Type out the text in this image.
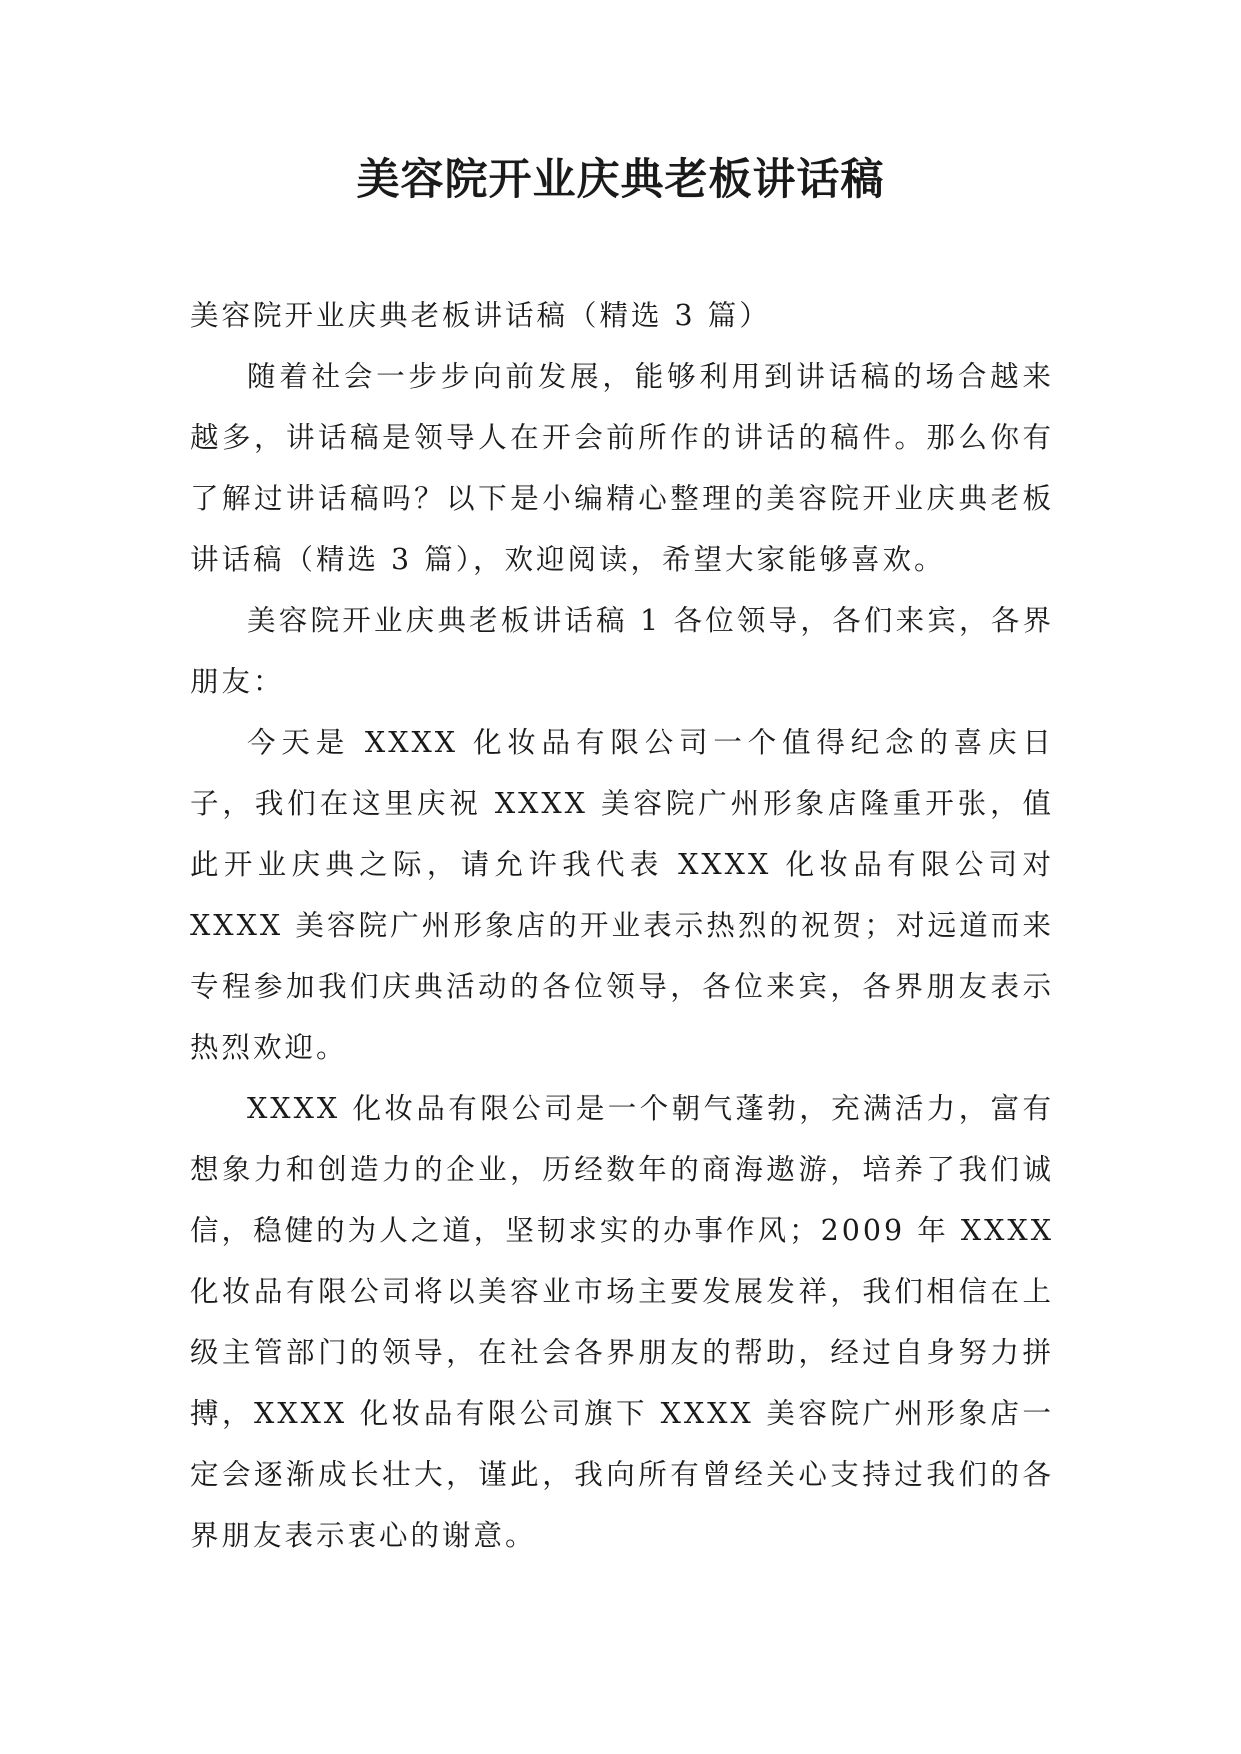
美容院开业庆典老板讲话稿

美容院开业庆典老板讲话稿（精选 3 篇）

随着社会一步步向前发展，能够利用到讲话稿的场合越来越多，讲话稿是领导人在开会前所作的讲话的稿件。那么你有了解过讲话稿吗？以下是小编精心整理的美容院开业庆典老板讲话稿（精选 3 篇），欢迎阅读，希望大家能够喜欢。

美容院开业庆典老板讲话稿 1 各位领导，各们来宾，各界朋友：

今天是 XXXX 化妆品有限公司一个值得纪念的喜庆日子，我们在这里庆祝 XXXX 美容院广州形象店隆重开张，值此开业庆典之际，请允许我代表 XXXX 化妆品有限公司对 XXXX 美容院广州形象店的开业表示热烈的祝贺；对远道而来专程参加我们庆典活动的各位领导，各位来宾，各界朋友表示热烈欢迎。

XXXX 化妆品有限公司是一个朝气蓬勃，充满活力，富有想象力和创造力的企业，历经数年的商海遨游，培养了我们诚信，稳健的为人之道，坚韧求实的办事作风；2009 年 XXXX 化妆品有限公司将以美容业市场主要发展发祥，我们相信在上级主管部门的领导，在社会各界朋友的帮助，经过自身努力拼搏，XXXX 化妆品有限公司旗下 XXXX 美容院广州形象店一定会逐渐成长壮大，谨此，我向所有曾经关心支持过我们的各界朋友表示衷心的谢意。
